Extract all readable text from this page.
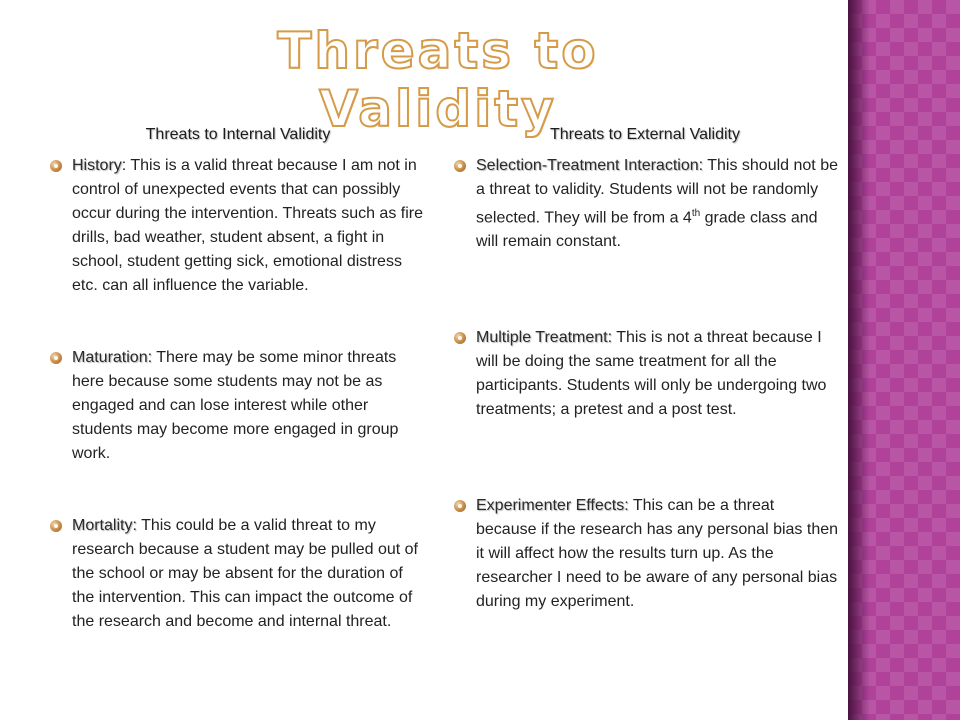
Threats to Validity
Threats to Internal Validity
History: This is a valid threat because I am not in control of unexpected events that can possibly occur during the intervention. Threats such as fire drills, bad weather, student absent, a fight in school, student getting sick, emotional distress etc. can all influence the variable.
Maturation: There may be some minor threats here because some students may not be as engaged and can lose interest while other students may become more engaged in group work.
Mortality: This could be a valid threat to my research because a student may be pulled out of the school or may be absent for the duration of the intervention. This can impact the outcome of the research and become and internal threat.
Threats to External Validity
Selection-Treatment Interaction: This should not be a threat to validity. Students will not be randomly selected. They will be from a 4th grade class and will remain constant.
Multiple Treatment: This is not a threat because I will be doing the same treatment for all the participants. Students will only be undergoing two treatments; a pretest and a post test.
Experimenter Effects: This can be a threat because if the research has any personal bias then it will affect how the results turn up. As the researcher I need to be aware of any personal bias during my experiment.
